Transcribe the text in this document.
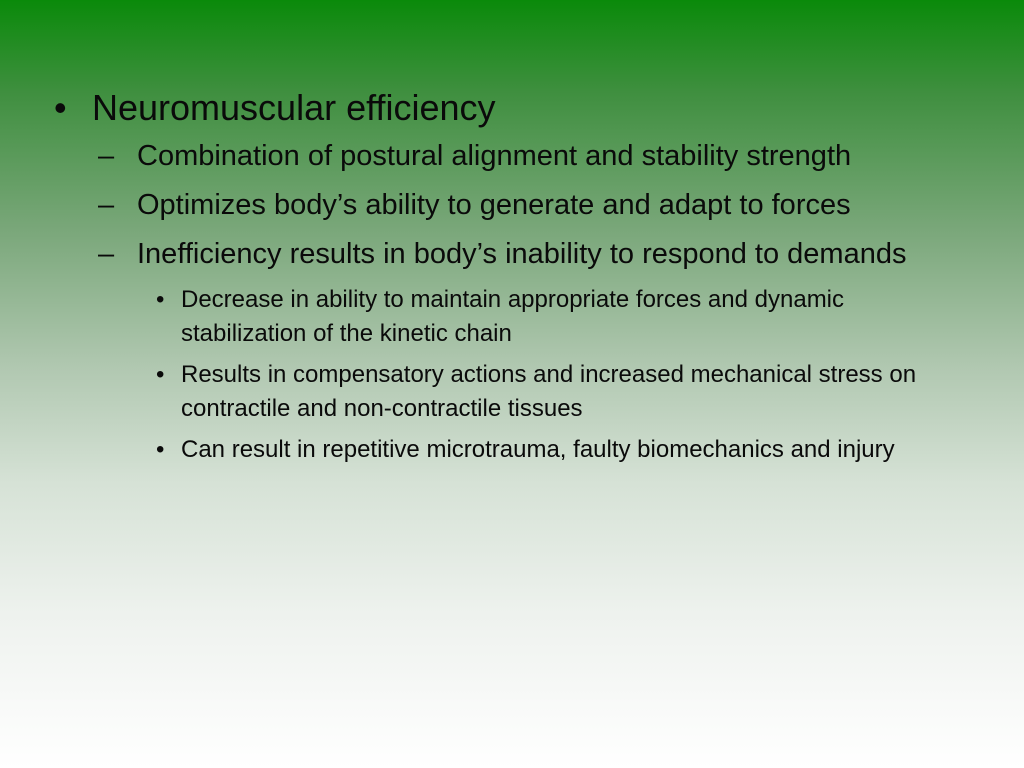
• Neuromuscular efficiency
– Combination of postural alignment and stability strength
– Optimizes body’s ability to generate and adapt to forces
– Inefficiency results in body’s inability to respond to demands
• Decrease in ability to maintain appropriate forces and dynamic stabilization of the kinetic chain
• Results in compensatory actions and increased mechanical stress on contractile and non-contractile tissues
• Can result in repetitive microtrauma, faulty biomechanics and injury
